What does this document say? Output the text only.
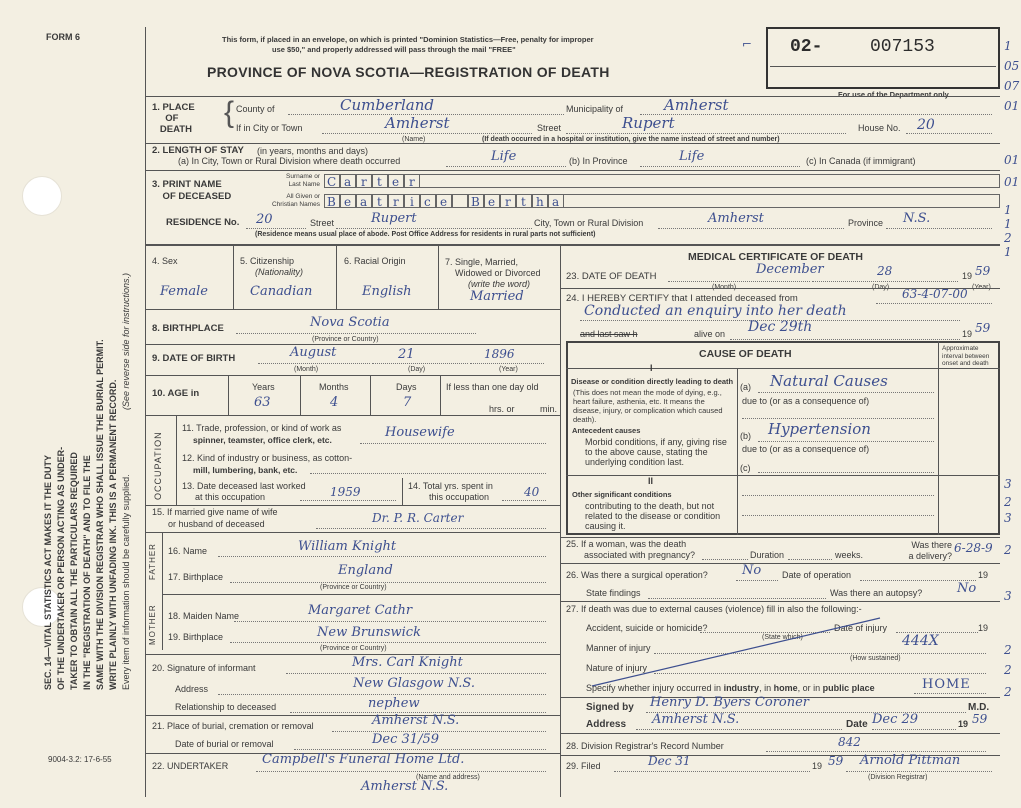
FORM 6
9004-3.2: 17-6-55
SEC. 14—VITAL STATISTICS ACT MAKES IT THE DUTY OF THE UNDERTAKER OR PERSON ACTING AS UNDER- TAKER TO OBTAIN ALL THE PARTICULARS REQUIRED IN THE "REGISTRATION OF DEATH" AND TO FILE THE SAME WITH THE DIVISION REGISTRAR WHO SHALL ISSUE THE BURIAL PERMIT. WRITE PLAINLY WITH UNFADING INK. THIS IS A PERMANENT RECORD. Every item of information should be carefully supplied.
(See reverse side for instructions.)
This form, if placed in an envelope, on which is printed "Dominion Statistics—Free, penalty for improper
use $50," and properly addressed will pass through the mail "FREE"
PROVINCE OF NOVA SCOTIA—REGISTRATION OF DEATH
02-	007153
For use of the Department only
⌐	1
05
07
01
01
01
1
1
2
1
3
2
3
2
3
2
2
2
1. PLACE
OF
DEATH
{ County of	Cumberland	Municipality of	Amherst
If in City or Town	Amherst
(Name)
Street	Rupert	House No. 20
(If death occurred in a hospital or institution, give the name instead of street and number)
2. LENGTH OF STAY (in years, months and days)
(a) In City, Town or Rural Division where death occurred	Life	(b) In Province	Life	(c) In Canada (if immigrant)
3. PRINT NAME
OF DECEASED
Surname or
Last Name
All Given or
Christian Names
C a r t e r
B e a t r i c e	B e r t h a
RESIDENCE No. 20	Street	Rupert	City, Town or Rural Division	Amherst	Province N.S.
(Residence means usual place of abode. Post Office Address for residents in rural parts not sufficient)
4. Sex
Female
5. Citizenship
(Nationality)
Canadian
6. Racial Origin
English
7. Single, Married,
Widowed or Divorced
(write the word)
Married
8. BIRTHPLACE	Nova Scotia
(Province or Country)
9. DATE OF BIRTH	August	21	1896
(Month)	(Day)	(Year)
10. AGE in
Years	Months	Days	If less than one day old
63	4	7	hrs. or	min.
OCCUPATION
11. Trade, profession, or kind of work as
spinner, teamster, office clerk, etc.	Housewife
12. Kind of industry or business, as cotton-
mill, lumbering, bank, etc.
13. Date deceased last worked
at this occupation	1959	14. Total yrs. spent in
this occupation	40
15. If married give name of wife
or husband of deceased	Dr. P. R. Carter
FATHER
MOTHER
16. Name	William Knight
17. Birthplace	England
(Province or Country)
18. Maiden Name	Margaret Cathr
19. Birthplace	New Brunswick
(Province or Country)
20. Signature of informant	Mrs. Carl Knight
Address	New Glasgow N.S.
Relationship to deceased	nephew
21. Place of burial, cremation or removal	Amherst N.S.
Date of burial or removal	Dec 31/59
22. UNDERTAKER	Campbell's Funeral Home Ltd.
(Name and address)
Amherst N.S.
MEDICAL CERTIFICATE OF DEATH
23. DATE OF DEATH	December	28	19 59
(Month)	(Day)	(Year)
24. I HEREBY CERTIFY that I attended deceased from	63-4-07-00
Conducted an enquiry into her death
and last saw h	alive on Dec 29th	19 59
CAUSE OF DEATH	Approximate interval between onset and death
I
Disease or condition directly leading to death
(This does not mean the mode of dying, e.g., heart failure, asthenia, etc. It means the disease, injury, or complication which caused death).
(a) Natural Causes
due to (or as a consequence of)
Antecedent causes
Morbid conditions, if any, giving rise to the above cause, stating the underlying condition last.
(b) Hypertension
due to (or as a consequence of)
(c)
II
Other significant conditions
contributing to the death, but not related to the disease or condition causing it.
25. If a woman, was the death
associated with pregnancy?	Duration	weeks.
Was there
a delivery?
6-28-9
26. Was there a surgical operation?	No Date of operation	19
State findings	Was there an autopsy?	No
27. If death was due to external causes (violence) fill in also the following:-
Accident, suicide or homicide?	Date of injury	19
(State which)
Manner of injury	444X
(How sustained)
Nature of injury
Specify whether injury occurred in industry, in home, or in public place	HOME
Signed by Henry D. Byers Coroner	M.D.
Address Amherst N.S.	Date Dec 29	19 59
28. Division Registrar's Record Number	842
29. Filed	Dec 31	19 59 Arnold Pittman
(Division Registrar)
